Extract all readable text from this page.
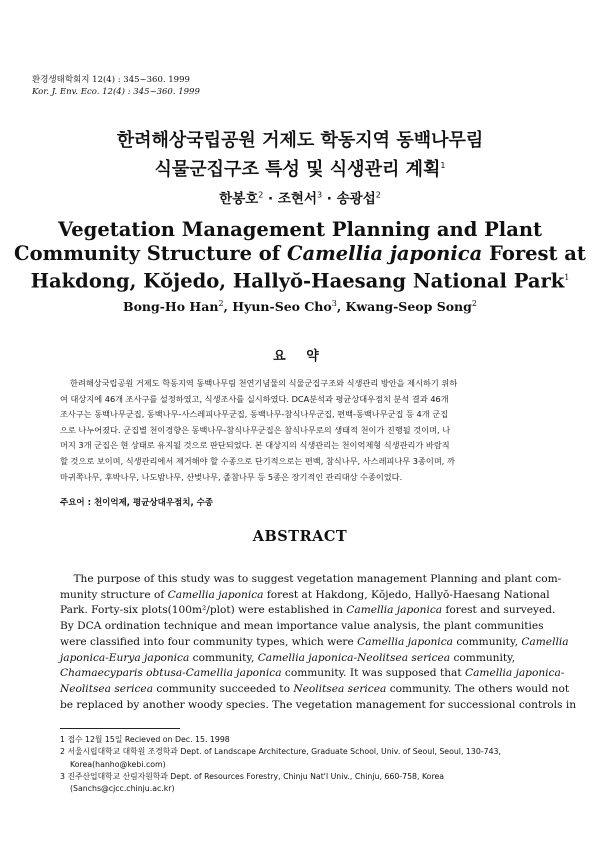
환경생태학회지 12(4) : 345~360. 1999
Kor. J. Env. Eco. 12(4) : 345~360. 1999
한려해상국립공원 거제도 학동지역 동백나무림
식물군집구조 특성 및 식생관리 계획$^1$
한봉호$^2$ · 조현서$^3$ · 송광섭$^2$
Vegetation Management Planning and Plant
Community Structure of Camellia japonica Forest at
Hakdong, Kŏjedo, Hallyŏ-Haesang National Park$^1$
Bong-Ho Han$^2$, Hyun-Seo Cho$^3$, Kwang-Seop Song$^2$
요 약
한려해상국립공원 거제도 학동지역 동백나무림 천연기념물의 식물군집구조와 식생관리 방안을 제시하기 위하
여 대상지에 46개 조사구를 설정하였고, 식생조사를 실시하였다. DCA분석과 평균상대우점치 분석 결과 46개
조사구는 동백나무군집, 동백나무-사스레피나무군집, 동백나무-참식나무군집, 편백-동백나무군집 등 4개 군집
으로 나누어졌다. 군집별 천이경향은 동백나무-참식나무군집은 참식나무로의 생태적 천이가 진행될 것이며, 나
머지 3개 군집은 현 상태로 유지될 것으로 판단되었다. 본 대상지의 식생관리는 천이억제형 식생관리가 바람직
할 것으로 보이며, 식생관리에서 제거해야 할 수종으로 단기적으로는 편백, 참식나무, 사스레피나무 3종이며, 까
마귀쪽나무, 후박나무, 나도밤나무, 산벚나무, 졸참나무 등 5종은 장기적인 관리대상 수종이었다.
주요어 : 천이억제, 평균상대우점치, 수종
ABSTRACT
The purpose of this study was to suggest vegetation management Planning and plant com-
munity structure of Camellia japonica forest at Hakdong, Kŏjedo, Hallyŏ-Haesang National
Park. Forty-six plots(100m²/plot) were established in Camellia japonica forest and surveyed.
By DCA ordination technique and mean importance value analysis, the plant communities
were classified into four community types, which were Camellia japonica community, Camellia
japonica-Eurya japonica community, Camellia japonica-Neolitsea sericea community,
Chamaecyparis obtusa-Camellia japonica community. It was supposed that Camellia japonica-
Neolitsea sericea community succeeded to Neolitsea sericea community. The others would not
be replaced by another woody species. The vegetation management for successional controls in
1 접수 12월 15일 Recieved on Dec. 15. 1998
2 서울시립대학교 대학원 조경학과 Dept. of Landscape Architecture, Graduate School, Univ. of Seoul, Seoul, 130-743,
Korea(hanho@kebi.com)
3 진주산업대학교 산림자원학과 Dept. of Resources Forestry, Chinju Nat'l Univ., Chinju, 660-758, Korea
(Sanchs@cjcc.chinju.ac.kr)
